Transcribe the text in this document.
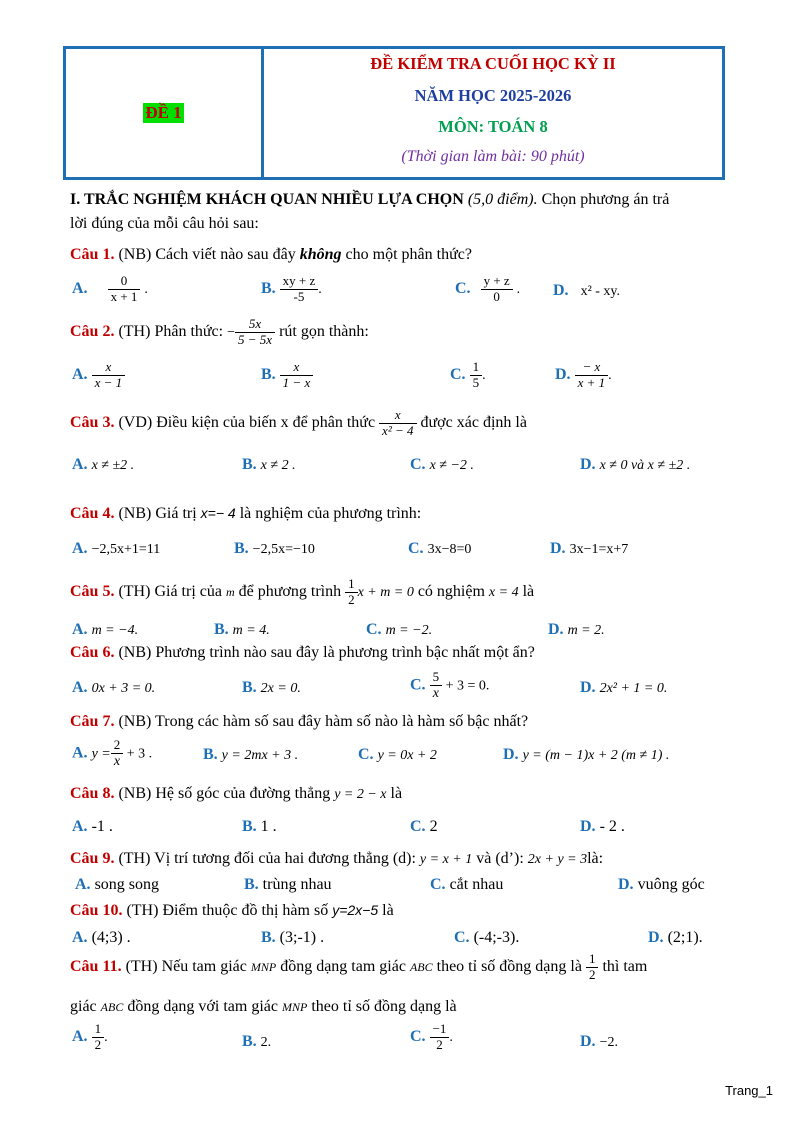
ĐỀ 1
ĐỀ KIỂM TRA CUỐI HỌC KỲ II
NĂM HỌC 2025-2026
MÔN: TOÁN 8
(Thời gian làm bài: 90 phút)
I. TRẮC NGHIỆM KHÁCH QUAN NHIỀU LỰA CHỌN (5,0 điểm). Chọn phương án trả
lời đúng của mỗi câu hỏi sau:
Câu 1. (NB) Cách viết nào sau đây không cho một phân thức?
A. $\frac{0}{x + 1}$ .	B. $\frac{xy + z}{-5}$ .	C. $\frac{y + z}{0}$ . D. x² - xy.
Câu 2. (TH) Phân thức: − $\frac{5x}{5 - 5x}$ rút gọn thành:
A. $\frac{x}{x - 1}$	B. $\frac{x}{1 - x}$	C. $\frac{1}{5}$ .	D. $\frac{- x}{x + 1}$ .
Câu 3. (VD) Điều kiện của biến x để phân thức $\frac{x}{\text{x² − 4}}$ được xác định là
A. x ≠ ±2 .	B. x ≠ 2 .	C. x ≠ −2 .	D. x ≠ 0 và x ≠ ±2 .
Câu 4. (NB) Giá trị x=− 4 là nghiệm của phương trình:
A. −2,5x+1=11	B. −2,5x=−10	C. 3x−8=0	D. 3x−1=x+7
Câu 5. (TH) Giá trị của m để phương trình $\frac{1}{2}$ x + m = 0 có nghiệm x = 4 là
A. m = −4.	B. m = 4.	C. m = −2.	D. m = 2.
Câu 6. (NB) Phương trình nào sau đây là phương trình bậc nhất một ẩn?
A. 0x + 3 = 0.	B. 2x = 0.	C. $\frac{5}{x} + 3 = 0$.	D. 2x² + 1 = 0.
Câu 7. (NB) Trong các hàm số sau đây hàm số nào là hàm số bậc nhất?
A. $y = \frac{2}{x} + 3$ .	B. y = 2mx + 3 .	C. y = 0x + 2	D. y = (m − 1)x + 2 (m ≠ 1) .
Câu 8. (NB) Hệ số góc của đường thẳng y = 2 − x là
A. -1 .	B. 1 .	C. 2	D. - 2 .
Câu 9. (TH) Vị trí tương đối của hai đương thẳng (d): y = x + 1 và (d’): 2x + y = 3là:
A. song song	B. trùng nhau	C. cắt nhau	D. vuông góc
Câu 10. (TH) Điểm thuộc đồ thị hàm số y=2x−5 là
A. (4;3) .	B. (3;-1) .	C. (-4;-3).	D. (2;1).
Câu 11. (TH) Nếu tam giác MNP đồng dạng tam giác ABC theo tỉ số đồng dạng là $\frac{1}{2}$ thì tam
giác ABC đồng dạng với tam giác MNP theo tỉ số đồng dạng là
A. $\frac{1}{2}$ .	B. 2.	C. $\frac{-1}{2}$ .	D. −2.
Trang_1
